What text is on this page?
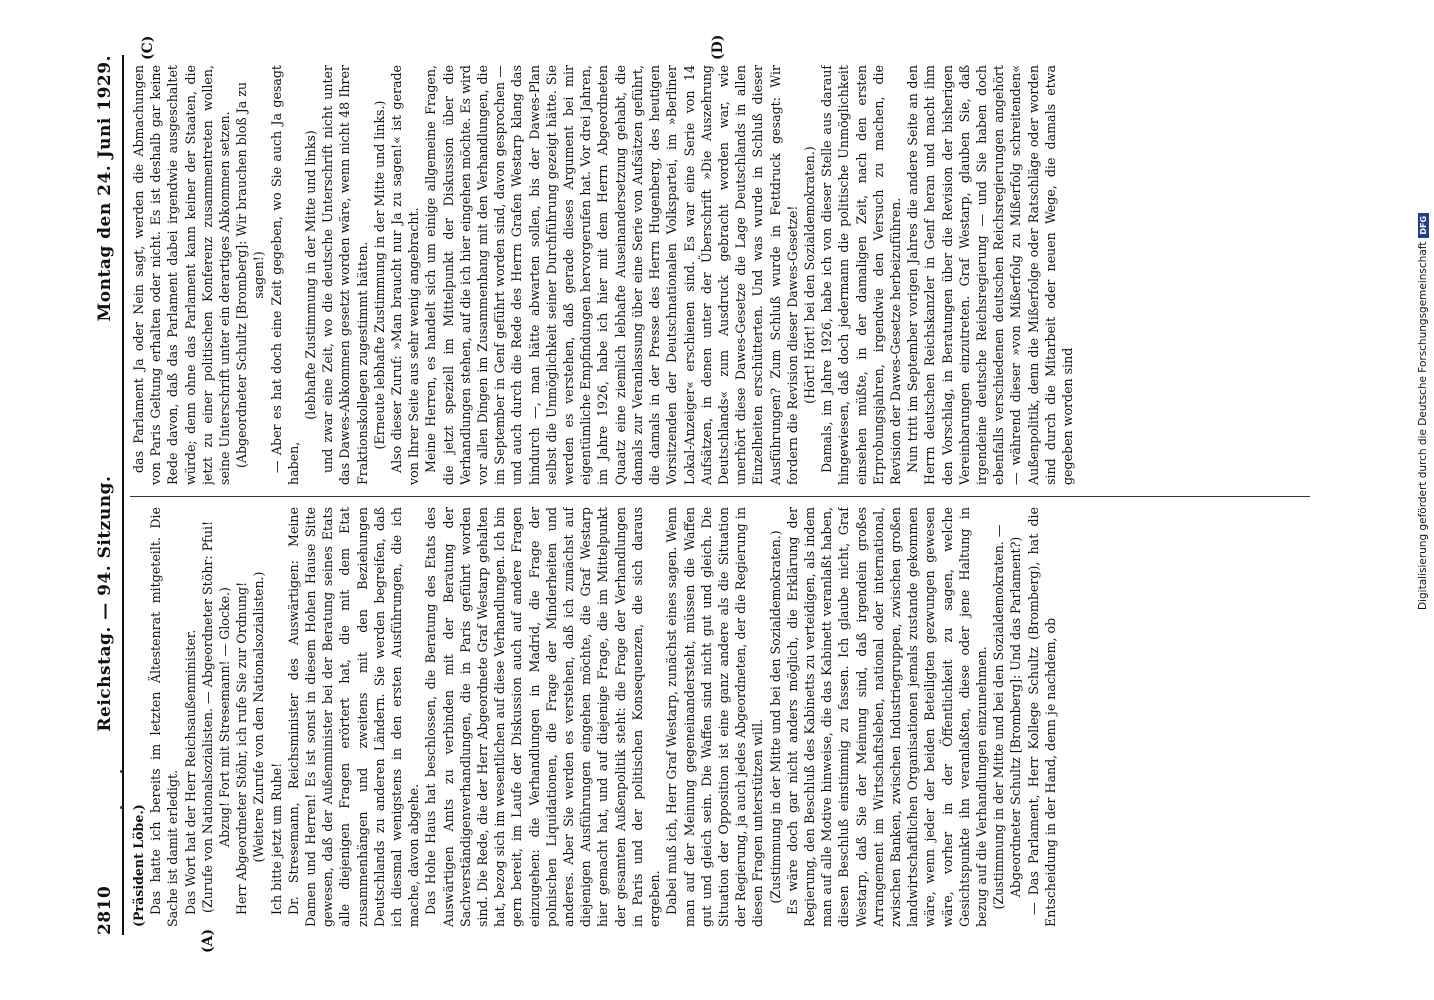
2810
Reichstag. — 94. Sitzung.
Montag den 24. Juni 1929.
(A)
(C)	(D)

(Präsident Löbe.) Das hatte ich bereits im letzten Ältestenrat mitgeteilt. Die Sache ist damit erledigt. Das Wort hat der Herr Reichsaußenminister. (Zurufe von Nationalsozialisten. — Abgeordneter Stöhr: Pfui! Abzug! Fort mit Stresemann! — Glocke.) Herr Abgeordneter Stöhr, ich rufe Sie zur Ordnung! (Weitere Zurufe von den Nationalsozialisten.) Ich bitte jetzt um Ruhe! Dr. Stresemann, Reichsminister des Auswärtigen: Meine Damen und Herren! Es ist sonst in diesem Hohen Hause Sitte gewesen, daß der Außenminister bei der Beratung seines Etats alle diejenigen Fragen erörtert hat, die mit dem Etat zusammenhängen und zweitens mit den Beziehungen Deutschlands zu anderen Ländern. Sie werden begreifen, daß ich diesmal wenigstens in den ersten Ausführungen, die ich mache, davon abgehe. Das Hohe Haus hat beschlossen, die Beratung des Etats des Auswärtigen Amts zu verbinden mit der Beratung der Sachverständigenverhandlungen, die in Paris geführt worden sind. Die Rede, die der Herr Abgeordnete Graf Westarp gehalten hat, bezog sich im wesentlichen auf diese Verhandlungen. Ich bin gern bereit, im Laufe der Diskussion auch auf andere Fragen einzugehen: die Verhandlungen in Madrid, die Frage der polnischen Liquidationen, die Frage der Minderheiten und anderes. Aber Sie werden es verstehen, daß ich zunächst auf diejenigen Ausführungen eingehen möchte, die Graf Westarp hier gemacht hat, und auf diejenige Frage, die im Mittelpunkt der gesamten Außenpolitik steht: die Frage der Verhandlungen in Paris und der politischen Konsequenzen, die sich daraus ergeben. Dabei muß ich, Herr Graf Westarp, zunächst eines sagen. Wenn man auf der Meinung gegeneinandersteht, müssen die Waffen gut und gleich sein. Die Waffen sind nicht gut und gleich. Die Situation der Opposition ist eine ganz andere als die Situation der Regierung, ja auch jedes Abgeordneten, der die Regierung in diesen Fragen unterstützen will. (Zustimmung in der Mitte und bei den Sozialdemokraten.) Es wäre doch gar nicht anders möglich, die Erklärung der Regierung, den Beschluß des Kabinetts zu verteidigen, als indem man auf alle Motive hinweise, die das Kabinett veranlaßt haben, diesen Beschluß einstimmig zu fassen. Ich glaube nicht, Graf Westarp, daß Sie der Meinung sind, daß irgendein großes Arrangement im Wirtschaftsleben, national oder international, zwischen Banken, zwischen Industriegruppen, zwischen großen landwirtschaftlichen Organisationen jemals zustande gekommen wäre, wenn jeder der beiden Beteiligten gezwungen gewesen wäre, vorher in der Öffentlichkeit zu sagen, welche Gesichtspunkte ihn veranlaßten, diese oder jene Haltung in bezug auf die Verhandlungen einzunehmen. (Zustimmung in der Mitte und bei den Sozialdemokraten. — Abgeordneter Schultz [Bromberg]: Und das Parlament?) — Das Parlament, Herr Kollege Schultz (Bromberg), hat die Entscheidung in der Hand, denn je nachdem, ob

das Parlament Ja oder Nein sagt, werden die Abmachungen von Paris Geltung erhalten oder nicht. Es ist deshalb gar keine Rede davon, daß das Parlament dabei irgendwie ausgeschaltet würde; denn ohne das Parlament kann keiner der Staaten, die jetzt zu einer politischen Konferenz zusammentreten wollen, seine Unterschrift unter ein derartiges Abkommen setzen. (Abgeordneter Schultz [Bromberg]: Wir brauchen bloß Ja zu sagen!) — Aber es hat doch eine Zeit gegeben, wo Sie auch Ja gesagt haben,

(lebhafte Zustimmung in der Mitte und links) und zwar eine Zeit, wo die deutsche Unterschrift nicht unter das Dawes-Abkommen gesetzt worden wäre, wenn nicht 48 Ihrer Fraktionskollegen zugestimmt hätten. (Erneute lebhafte Zustimmung in der Mitte und links.) Also dieser Zuruf: »Man braucht nur Ja zu sagen!« ist gerade von Ihrer Seite aus sehr wenig angebracht. Meine Herren, es handelt sich um einige allgemeine Fragen, die jetzt speziell im Mittelpunkt der Diskussion über die Verhandlungen stehen, auf die ich hier eingehen möchte. Es wird vor allen Dingen im Zusammenhang mit den Verhandlungen, die im September in Genf geführt worden sind, davon gesprochen — und auch durch die Rede des Herrn Grafen Westarp klang das hindurch —, man hätte abwarten sollen, bis der Dawes-Plan selbst die Unmöglichkeit seiner Durchführung gezeigt hätte. Sie werden es verstehen, daß gerade dieses Argument bei mir eigentümliche Empfindungen hervorgerufen hat. Vor drei Jahren, im Jahre 1926, habe ich hier mit dem Herrn Abgeordneten Quaatz eine ziemlich lebhafte Auseinandersetzung gehabt, die damals zur Veranlassung über eine Serie von Aufsätzen geführt, die damals in der Presse des Herrn Hugenberg, des heutigen Vorsitzenden der Deutschnationalen Volkspartei, im »Berliner Lokal-Anzeiger« erschienen sind. Es war eine Serie von 14 Aufsätzen, in denen unter der Überschrift »Die Auszehrung Deutschlands« zum Ausdruck gebracht worden war, wie unerhört diese Dawes-Gesetze die Lage Deutschlands in allen Einzelheiten erschütterten. Und was wurde in Schluß dieser Ausführungen? Zum Schluß wurde in Fettdruck gesagt: Wir fordern die Revision dieser Dawes-Gesetze! (Hört! Hört! bei den Sozialdemokraten.) Damals, im Jahre 1926, habe ich von dieser Stelle aus darauf hingewiesen, daß doch jedermann die politische Unmöglichkeit einsehen müßte, in der damaligen Zeit, nach den ersten Erprobungsjahren, irgendwie den Versuch zu machen, die Revision der Dawes-Gesetze herbeizuführen. Nun tritt im September vorigen Jahres die andere Seite an den Herrn deutschen Reichskanzler in Genf heran und macht ihm den Vorschlag, in Beratungen über die Revision der bisherigen Vereinbarungen einzutreten. Graf Westarp, glauben Sie, daß irgendeine deutsche Reichsregierung — und Sie haben doch ebenfalls verschiedenen deutschen Reichsregierungen angehört — während dieser »von Mißerfolg zu Mißerfolg schreitenden« Außenpolitik, denn die Mißerfolge oder Ratschläge oder worden sind durch die Mitarbeit oder neuen Wege, die damals etwa gegeben worden sind	Digitalisierung gefördert durch die Deutsche Forschungsgemeinschaft
DFG
